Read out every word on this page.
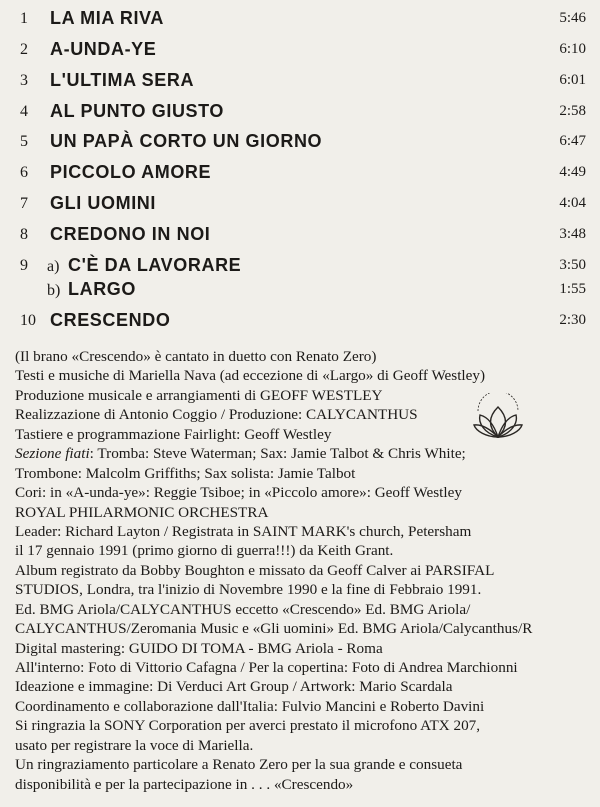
1 LA MIA RIVA	5:46
2 A-UNDA-YE	6:10
3 L'ULTIMA SERA	6:01
4 AL PUNTO GIUSTO	2:58
5 UN PAPÀ CORTO UN GIORNO	6:47
6 PICCOLO AMORE	4:49
7 GLI UOMINI	4:04
8 CREDONO IN NOI	3:48
9 a) C'È DA LAVORARE	3:50
b) LARGO	1:55
10 CRESCENDO	2:30
(Il brano «Crescendo» è cantato in duetto con Renato Zero)
Testi e musiche di Mariella Nava (ad eccezione di «Largo» di Geoff Westley)
Produzione musicale e arrangiamenti di GEOFF WESTLEY
Realizzazione di Antonio Coggio / Produzione: CALYCANTHUS
Tastiere e programmazione Fairlight: Geoff Westley
Sezione fiati: Tromba: Steve Waterman; Sax: Jamie Talbot & Chris White;
Trombone: Malcolm Griffiths; Sax solista: Jamie Talbot
Cori: in «A-unda-ye»: Reggie Tsiboe; in «Piccolo amore»: Geoff Westley
ROYAL PHILARMONIC ORCHESTRA
Leader: Richard Layton / Registrata in SAINT MARK's church, Petersham
il 17 gennaio 1991 (primo giorno di guerra!!!) da Keith Grant.
Album registrato da Bobby Boughton e missato da Geoff Calver ai PARSIFAL
STUDIOS, Londra, tra l'inizio di Novembre 1990 e la fine di Febbraio 1991.
Ed. BMG Ariola/CALYCANTHUS eccetto «Crescendo» Ed. BMG Ariola/
CALYCANTHUS/Zeromania Music e «Gli uomini» Ed. BMG Ariola/Calycanthus/R
Digital mastering: GUIDO DI TOMA - BMG Ariola - Roma
All'interno: Foto di Vittorio Cafagna / Per la copertina: Foto di Andrea Marchionni
Ideazione e immagine: Di Verduci Art Group / Artwork: Mario Scardala
Coordinamento e collaborazione dall'Italia: Fulvio Mancini e Roberto Davini
Si ringrazia la SONY Corporation per averci prestato il microfono ATX 207,
usato per registrare la voce di Mariella.
Un ringraziamento particolare a Renato Zero per la sua grande e consueta
disponibilità e per la partecipazione in . . . «Crescendo»
